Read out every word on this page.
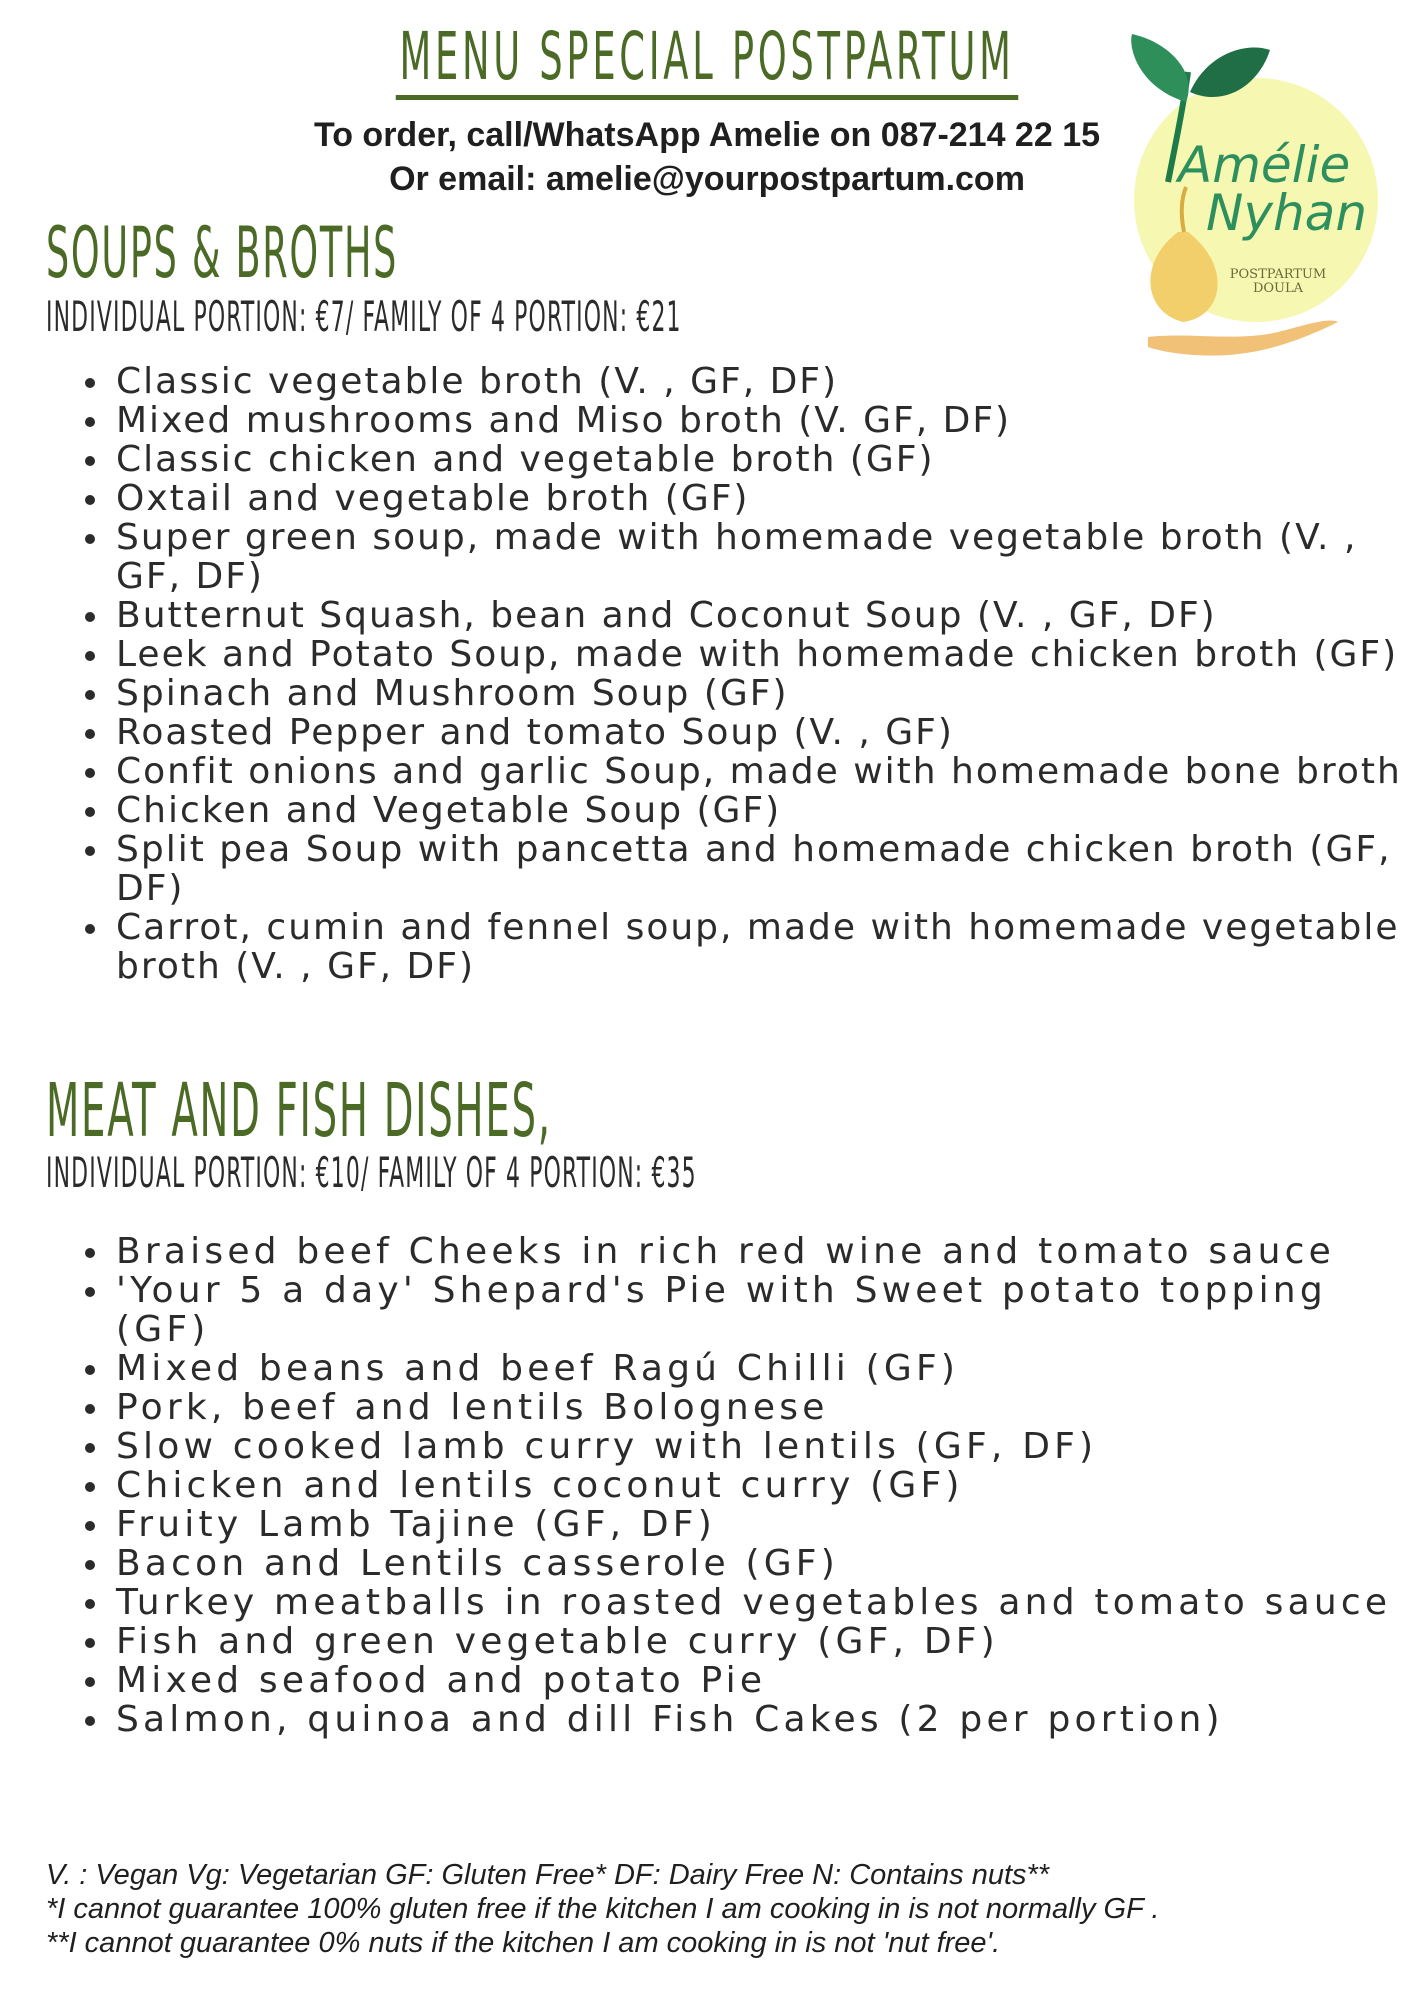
MENU SPECIAL POSTPARTUM
To order, call/WhatsApp Amelie on 087-214 22 15
Or email: amelie@yourpostpartum.com	Amélie
Nyhan
POSTPARTUM
DOULA
SOUPS & BROTHS
INDIVIDUAL PORTION: €7/ FAMILY OF 4 PORTION: €21
• Classic vegetable broth (V. , GF, DF)
• Mixed mushrooms and Miso broth (V. GF, DF)
• Classic chicken and vegetable broth (GF)
• Oxtail and vegetable broth (GF)
• Super green soup, made with homemade vegetable broth (V. , GF, DF)
• Butternut Squash, bean and Coconut Soup (V. , GF, DF)
• Leek and Potato Soup, made with homemade chicken broth (GF)
• Spinach and Mushroom Soup (GF)
• Roasted Pepper and tomato Soup (V. , GF)
• Confit onions and garlic Soup, made with homemade bone broth
• Chicken and Vegetable Soup (GF)
• Split pea Soup with pancetta and homemade chicken broth (GF, DF)
• Carrot, cumin and fennel soup, made with homemade vegetable broth (V. , GF, DF)
MEAT AND FISH DISHES,
INDIVIDUAL PORTION: €10/ FAMILY OF 4 PORTION: €35
• Braised beef Cheeks in rich red wine and tomato sauce
• 'Your 5 a day' Shepard's Pie with Sweet potato topping (GF)
• Mixed beans and beef Ragú Chilli (GF)
• Pork, beef and lentils Bolognese
• Slow cooked lamb curry with lentils (GF, DF)
• Chicken and lentils coconut curry (GF)
• Fruity Lamb Tajine (GF, DF)
• Bacon and Lentils casserole (GF)
• Turkey meatballs in roasted vegetables and tomato sauce
• Fish and green vegetable curry (GF, DF)
• Mixed seafood and potato Pie
• Salmon, quinoa and dill Fish Cakes (2 per portion)
V. : Vegan Vg: Vegetarian GF: Gluten Free* DF: Dairy Free N: Contains nuts**
*I cannot guarantee 100% gluten free if the kitchen I am cooking in is not normally GF .
**I cannot guarantee 0% nuts if the kitchen I am cooking in is not 'nut free'.
